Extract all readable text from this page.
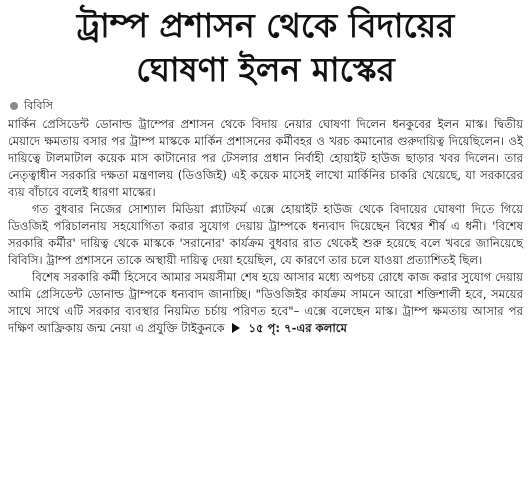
ট্রাম্প প্রশাসন থেকে বিদায়ের
ঘোষণা ইলন মাস্কের
বিবিসি

মার্কিন প্রেসিডেন্ট ডোনাল্ড ট্রাম্পের প্রশাসন থেকে বিদায় নেয়ার ঘোষণা দিলেন ধনকুবের ইলন মাস্ক। দ্বিতীয় মেয়াদে ক্ষমতায় বসার পর ট্রাম্প মাস্ককে মার্কিন প্রশাসনের কর্মীবহর ও খরচ কমানোর গুরুদায়িত্ব দিয়েছিলেন। ওই দায়িত্বে টালমাটাল কয়েক মাস কাটানোর পর টেসলার প্রধান নির্বাহী হোয়াইট হাউজ ছাড়ার খবর দিলেন। তার নেতৃত্বাধীন সরকারি দক্ষতা মন্ত্রণালয় (ডিওজিই) এই কয়েক মাসেই লাখো মার্কিনির চাকরি খেয়েছে, যা সরকারের ব্যয় বাঁচাবে বলেই ধারণা মাস্কের।

গত বুধবার নিজের সোশ্যাল মিডিয়া প্ল্যাটফর্ম এক্সে হোয়াইট হাউজ থেকে বিদায়ের ঘোষণা দিতে গিয়ে ডিওজিই পরিচালনায় সহযোগিতা করার সুযোগ দেয়ায় ট্রাম্পকে ধন্যবাদ দিয়েছেন বিশ্বের শীর্ষ এ ধনী। 'বিশেষ সরকারি কর্মীর' দায়িত্ব থেকে মাস্ককে 'সরানোর' কার্যক্রম বুধবার রাত থেকেই শুরু হয়েছে বলে খবরে জানিয়েছে বিবিসি। ট্রাম্প প্রশাসনে তাকে অস্থায়ী দায়িত্ব দেয়া হয়েছিল, যে কারণে তার চলে যাওয়া প্রত্যাশিতই ছিল।

বিশেষ সরকারি কর্মী হিসেবে আমার সময়সীমা শেষ হয়ে আসার মধ্যে অপচয় রোধে কাজ করার সুযোগ দেয়ায় আমি প্রেসিডেন্ট ডোনাল্ড ট্রাম্পকে ধন্যবাদ জানাচ্ছি। "ডিওজিইর কার্যক্রম সামনে আরো শক্তিশালী হবে, সময়ের সাথে সাথে এটি সরকার ব্যবস্থার নিয়মিত চর্চায় পরিণত হবে"– এক্সে বলেছেন মাস্ক। ট্রাম্প ক্ষমতায় আসার পর দক্ষিণ আফ্রিকায় জন্ম নেয়া এ প্রযুক্তি টাইকুনকে ১৫ পৃ: ৭-এর কলামে
